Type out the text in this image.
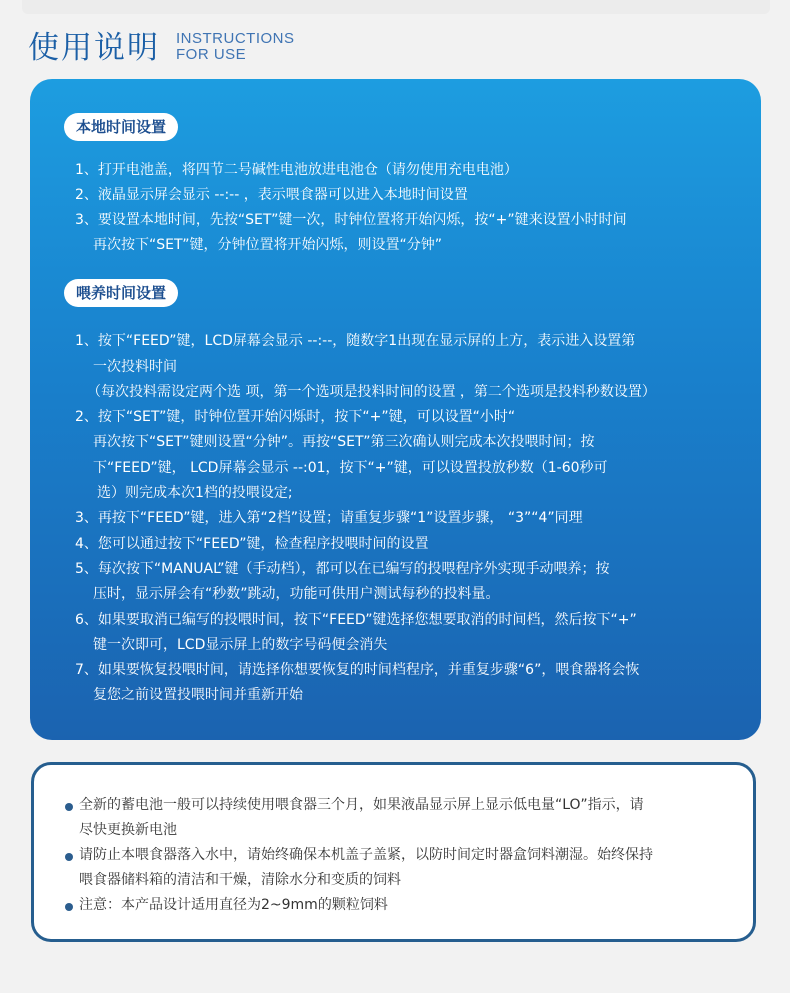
使用说明 INSTRUCTIONS
FOR USE
本地时间设置
1、打开电池盖，将四节二号碱性电池放进电池仓（请勿使用充电电池）
2、液晶显示屏会显示 --:-- ，表示喂食器可以进入本地时间设置
3、要设置本地时间，先按“SET”键一次，时钟位置将开始闪烁，按“+”键来设置小时时间
再次按下“SET”键，分钟位置将开始闪烁，则设置“分钟”
喂养时间设置
1、按下“FEED”键，LCD屏幕会显示 --:--，随数字1出现在显示屏的上方，表示进入设置第
一次投料时间
（每次投料需设定两个选 项，第一个选项是投料时间的设置 ，第二个选项是投料秒数设置）
2、按下“SET”键，时钟位置开始闪烁时，按下“+”键，可以设置“小时“
再次按下“SET”键则设置“分钟”。再按“SET”第三次确认则完成本次投喂时间；按
下“FEED”键， LCD屏幕会显示 --:01，按下“+”键，可以设置投放秒数（1-60秒可
选）则完成本次1档的投喂设定;
3、再按下“FEED”键，进入第“2档”设置；请重复步骤“1”设置步骤， “3”“4”同理
4、您可以通过按下“FEED”键，检查程序投喂时间的设置
5、每次按下“MANUAL”键（手动档），都可以在已编写的投喂程序外实现手动喂养；按
压时，显示屏会有“秒数”跳动，功能可供用户测试每秒的投料量。
6、如果要取消已编写的投喂时间，按下“FEED”键选择您想要取消的时间档，然后按下“+”
键一次即可，LCD显示屏上的数字号码便会消失
7、如果要恢复投喂时间，请选择你想要恢复的时间档程序，并重复步骤“6”，喂食器将会恢
复您之前设置投喂时间并重新开始
全新的蓄电池一般可以持续使用喂食器三个月，如果液晶显示屏上显示低电量“LO”指示，请
尽快更换新电池
请防止本喂食器落入水中，请始终确保本机盖子盖紧，以防时间定时器盒饲料潮湿。始终保持
喂食器储料箱的清洁和干燥，清除水分和变质的饲料
注意：本产品设计适用直径为2~9mm的颗粒饲料
